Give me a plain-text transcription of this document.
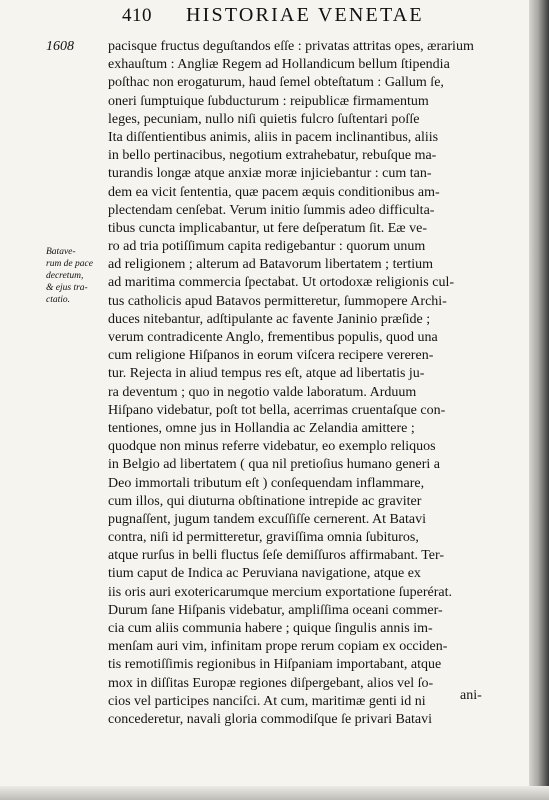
410 HISTORIAE VENETAE
1608
Batave-
rum de pace
decretum,
& ejus tra-
ctatio.
pacisque fructus deguſtandos eſſe : privatas attritas opes, ærarium
exhauſtum : Angliæ Regem ad Hollandicum bellum ſtipendia
poſthac non erogaturum, haud ſemel obteſtatum : Gallum ſe,
oneri ſumptuique ſubducturum : reipublicæ firmamentum
leges, pecuniam, nullo niſi quietis fulcro ſuſtentari poſſe
Ita diſſentientibus animis, aliis in pacem inclinantibus, aliis
in bello pertinacibus, negotium extrahebatur, rebuſque ma-
turandis longæ atque anxiæ moræ injiciebantur : cum tan-
dem ea vicit ſententia, quæ pacem æquis conditionibus am-
plectendam cenſebat. Verum initio ſummis adeo difficulta-
tibus cuncta implicabantur, ut fere deſperatum ſit. Eæ ve-
ro ad tria potiſſimum capita redigebantur : quorum unum
ad religionem ; alterum ad Batavorum libertatem ; tertium
ad maritima commercia ſpectabat. Ut ortodoxæ religionis cul-
tus catholicis apud Batavos permitteretur, ſummopere Archi-
duces nitebantur, adſtipulante ac favente Janinio præſide ;
verum contradicente Anglo, frementibus populis, quod una
cum religione Hiſpanos in eorum viſcera recipere vereren-
tur. Rejecta in aliud tempus res eſt, atque ad libertatis ju-
ra deventum ; quo in negotio valde laboratum. Arduum
Hiſpano videbatur, poſt tot bella, acerrimas cruentaſque con-
tentiones, omne jus in Hollandia ac Zelandia amittere ;
quodque non minus referre videbatur, eo exemplo reliquos
in Belgio ad libertatem ( qua nil pretioſius humano generi a
Deo immortali tributum eſt ) conſequendam inflammare,
cum illos, qui diuturna obſtinatione intrepide ac graviter
pugnaſſent, jugum tandem excuſſiſſe cernerent. At Batavi
contra, niſi id permitteretur, graviſſima omnia ſubituros,
atque rurſus in belli fluctus ſeſe demiſſuros affirmabant. Ter-
tium caput de Indica ac Peruviana navigatione, atque ex
iis oris auri exotericarumque mercium exportatione ſuperérat.
Durum ſane Hiſpanis videbatur, ampliſſima oceani commer-
cia cum aliis communia habere ; quique ſingulis annis im-
menſam auri vim, infinitam prope rerum copiam ex occiden-
tis remotiſſimis regionibus in Hiſpaniam importabant, atque
mox in diſſitas Europæ regiones diſpergebant, alios vel ſo-
cios vel participes nanciſci. At cum, maritimæ genti id ni
concederetur, navali gloria commodiſque ſe privari Batavi
ani-
